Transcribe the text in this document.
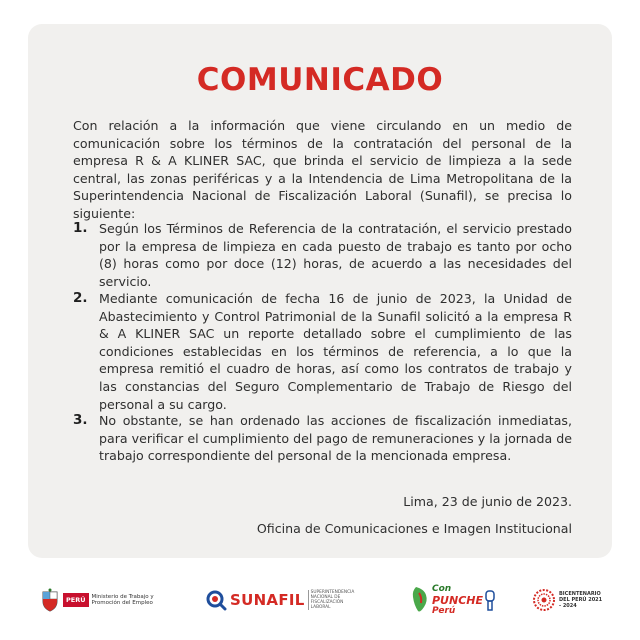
COMUNICADO
Con relación a la información que viene circulando en un medio de comunicación sobre los términos de la contratación del personal de la empresa R & A KLINER SAC, que brinda el servicio de limpieza a la sede central, las zonas periféricas y a la Intendencia de Lima Metropolitana de la Superintendencia Nacional de Fiscalización Laboral (Sunafil), se precisa lo siguiente:
1. Según los Términos de Referencia de la contratación, el servicio prestado por la empresa de limpieza en cada puesto de trabajo es tanto por ocho (8) horas como por doce (12) horas, de acuerdo a las necesidades del servicio.
2. Mediante comunicación de fecha 16 de junio de 2023, la Unidad de Abastecimiento y Control Patrimonial de la Sunafil solicitó a la empresa R & A KLINER SAC un reporte detallado sobre el cumplimiento de las condiciones establecidas en los términos de referencia, a lo que la empresa remitió el cuadro de horas, así como los contratos de trabajo y las constancias del Seguro Complementario de Trabajo de Riesgo del personal a su cargo.
3. No obstante, se han ordenado las acciones de fiscalización inmediatas, para verificar el cumplimiento del pago de remuneraciones y la jornada de trabajo correspondiente del personal de la mencionada empresa.
Lima, 23 de junio de 2023.
Oficina de Comunicaciones e Imagen Institucional
PERÚ	Ministerio de Trabajo y Promoción del Empleo	SUNAFIL	SUPERINTENDENCIA NACIONAL DE FISCALIZACIÓN LABORAL
Con
PUNCHE
Perú
BICENTENARIO DEL PERÚ 2021 - 2024
